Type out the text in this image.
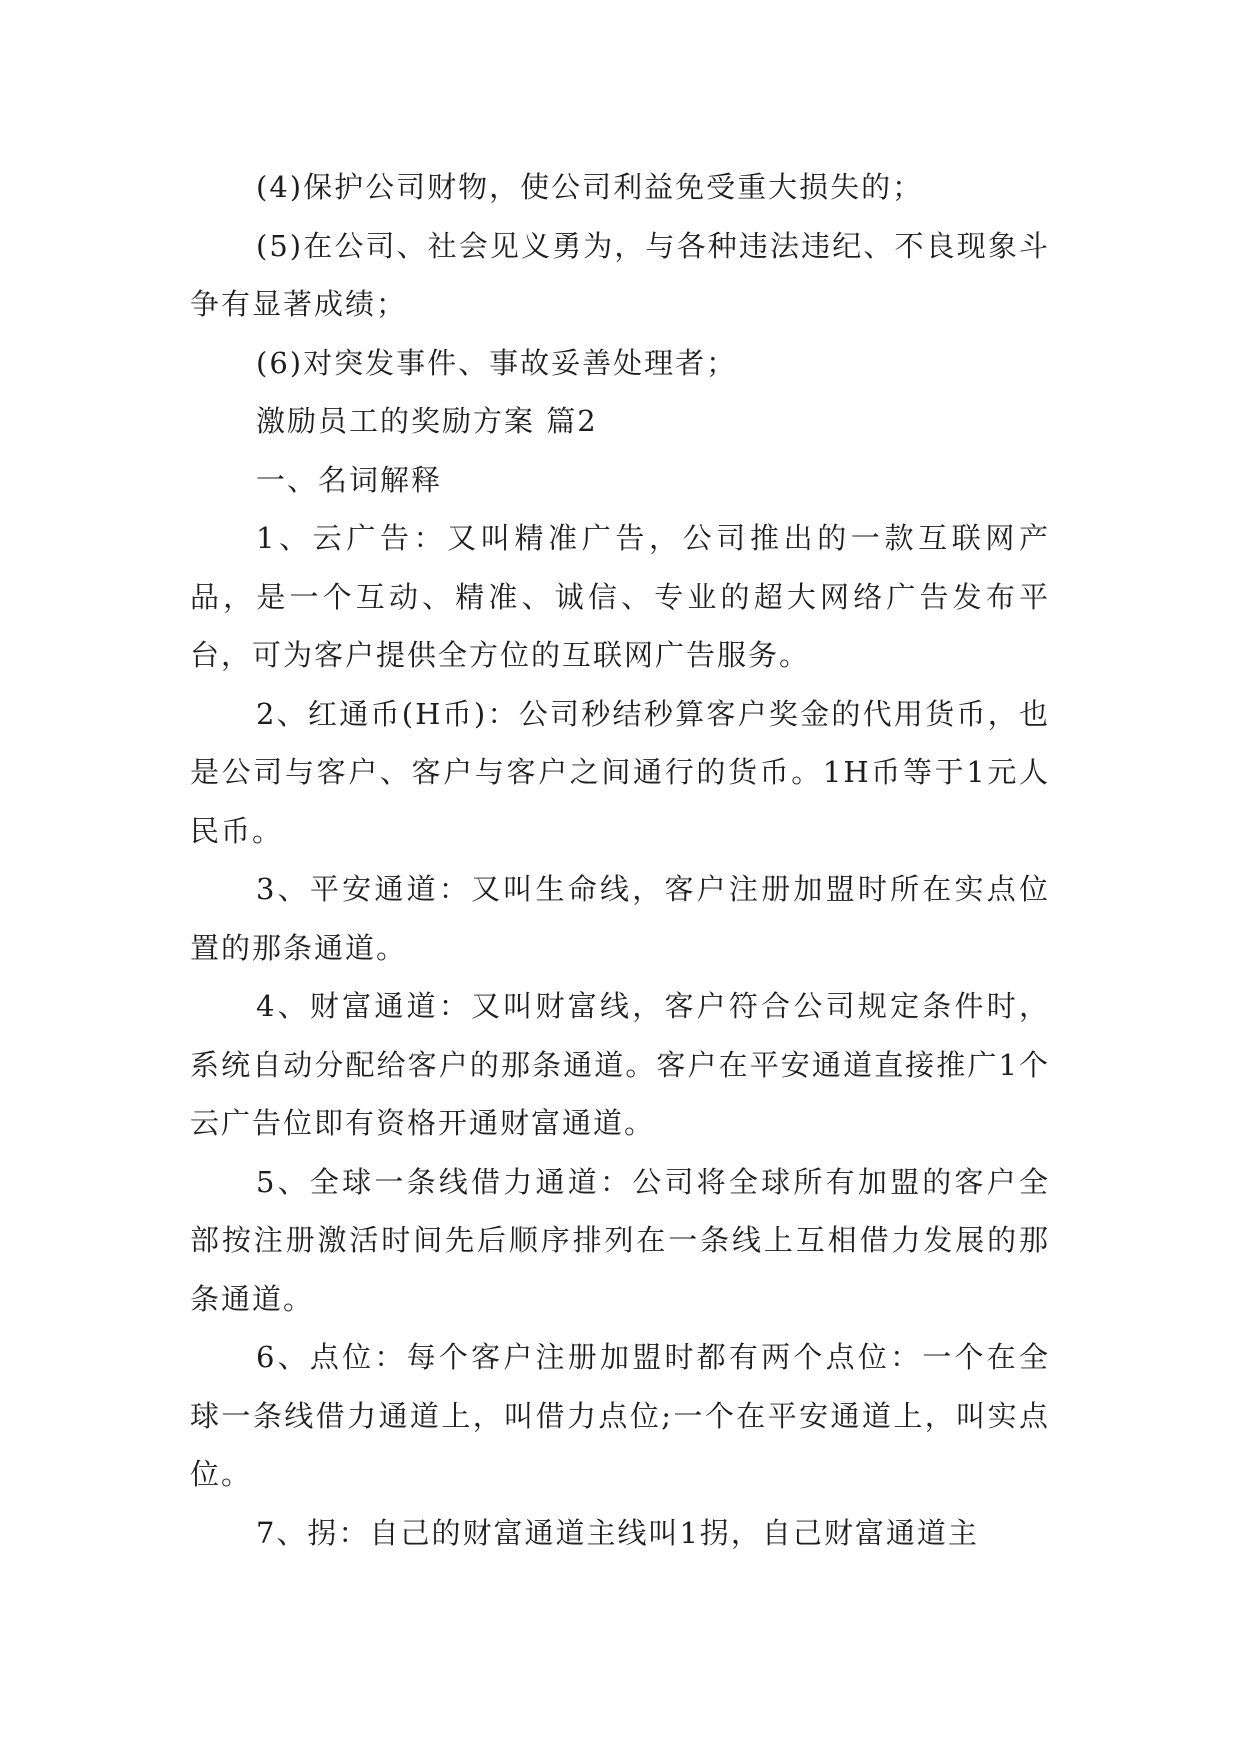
(4)保护公司财物，使公司利益免受重大损失的；

(5)在公司、社会见义勇为，与各种违法违纪、不良现象斗争有显著成绩；

(6)对突发事件、事故妥善处理者；

激励员工的奖励方案 篇2

一、名词解释

1、云广告：又叫精准广告，公司推出的一款互联网产品，是一个互动、精准、诚信、专业的超大网络广告发布平台，可为客户提供全方位的互联网广告服务。

2、红通币(H币)：公司秒结秒算客户奖金的代用货币，也是公司与客户、客户与客户之间通行的货币。1H币等于1元人民币。

3、平安通道：又叫生命线，客户注册加盟时所在实点位置的那条通道。

4、财富通道：又叫财富线，客户符合公司规定条件时，系统自动分配给客户的那条通道。客户在平安通道直接推广1个云广告位即有资格开通财富通道。

5、全球一条线借力通道：公司将全球所有加盟的客户全部按注册激活时间先后顺序排列在一条线上互相借力发展的那条通道。

6、点位：每个客户注册加盟时都有两个点位：一个在全球一条线借力通道上，叫借力点位;一个在平安通道上，叫实点位。

7、拐：自己的财富通道主线叫1拐，自己财富通道主
